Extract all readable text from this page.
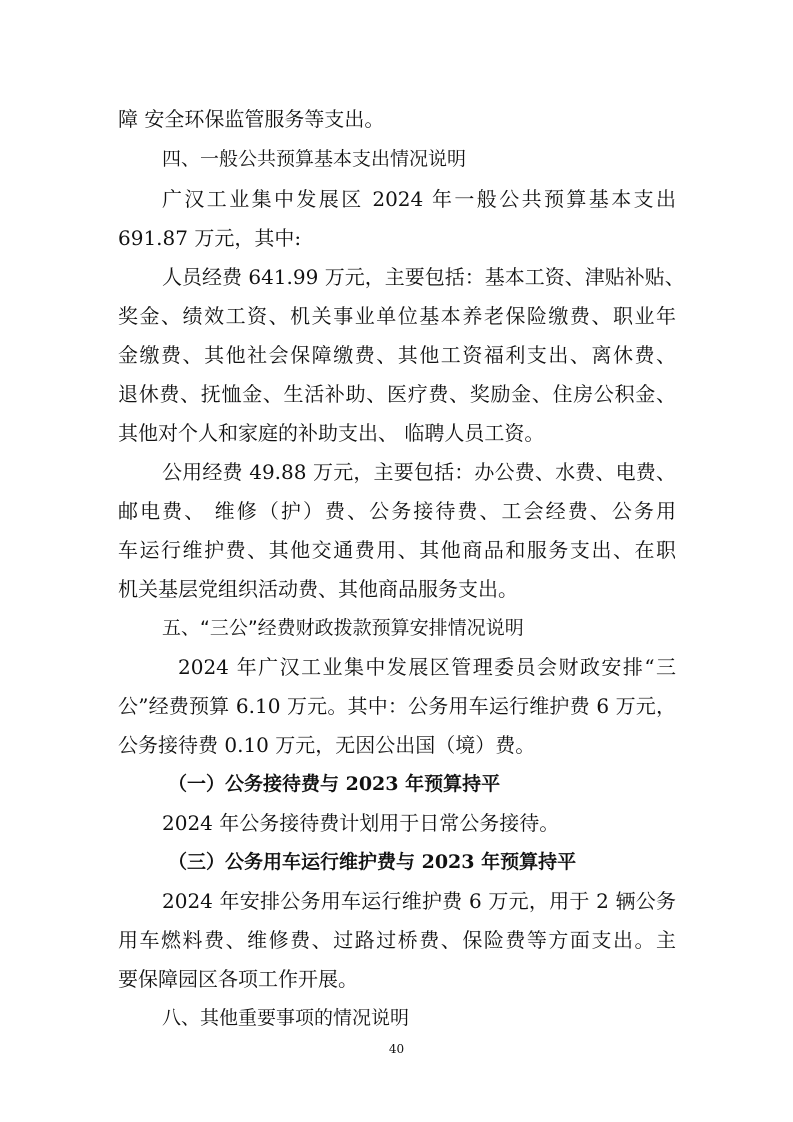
障 安全环保监管服务等支出。
四、一般公共预算基本支出情况说明
广汉工业集中发展区 2024 年一般公共预算基本支出
691.87 万元，其中:
人员经费 641.99 万元，主要包括：基本工资、津贴补贴、
奖金、绩效工资、机关事业单位基本养老保险缴费、职业年
金缴费、其他社会保障缴费、其他工资福利支出、离休费、
退休费、抚恤金、生活补助、医疗费、奖励金、住房公积金、
其他对个人和家庭的补助支出、 临聘人员工资。
公用经费 49.88 万元，主要包括：办公费、水费、电费、
邮电费、 维修（护）费、公务接待费、工会经费、公务用
车运行维护费、其他交通费用、其他商品和服务支出、在职
机关基层党组织活动费、其他商品服务支出。
五、“三公”经费财政拨款预算安排情况说明
2024 年广汉工业集中发展区管理委员会财政安排“三
公”经费预算 6.10 万元。其中：公务用车运行维护费 6 万元，
公务接待费 0.10 万元，无因公出国（境）费。
（一）公务接待费与 2023 年预算持平
2024 年公务接待费计划用于日常公务接待。
（三）公务用车运行维护费与 2023 年预算持平
2024 年安排公务用车运行维护费 6 万元，用于 2 辆公务
用车燃料费、维修费、过路过桥费、保险费等方面支出。主
要保障园区各项工作开展。
八、其他重要事项的情况说明
40
